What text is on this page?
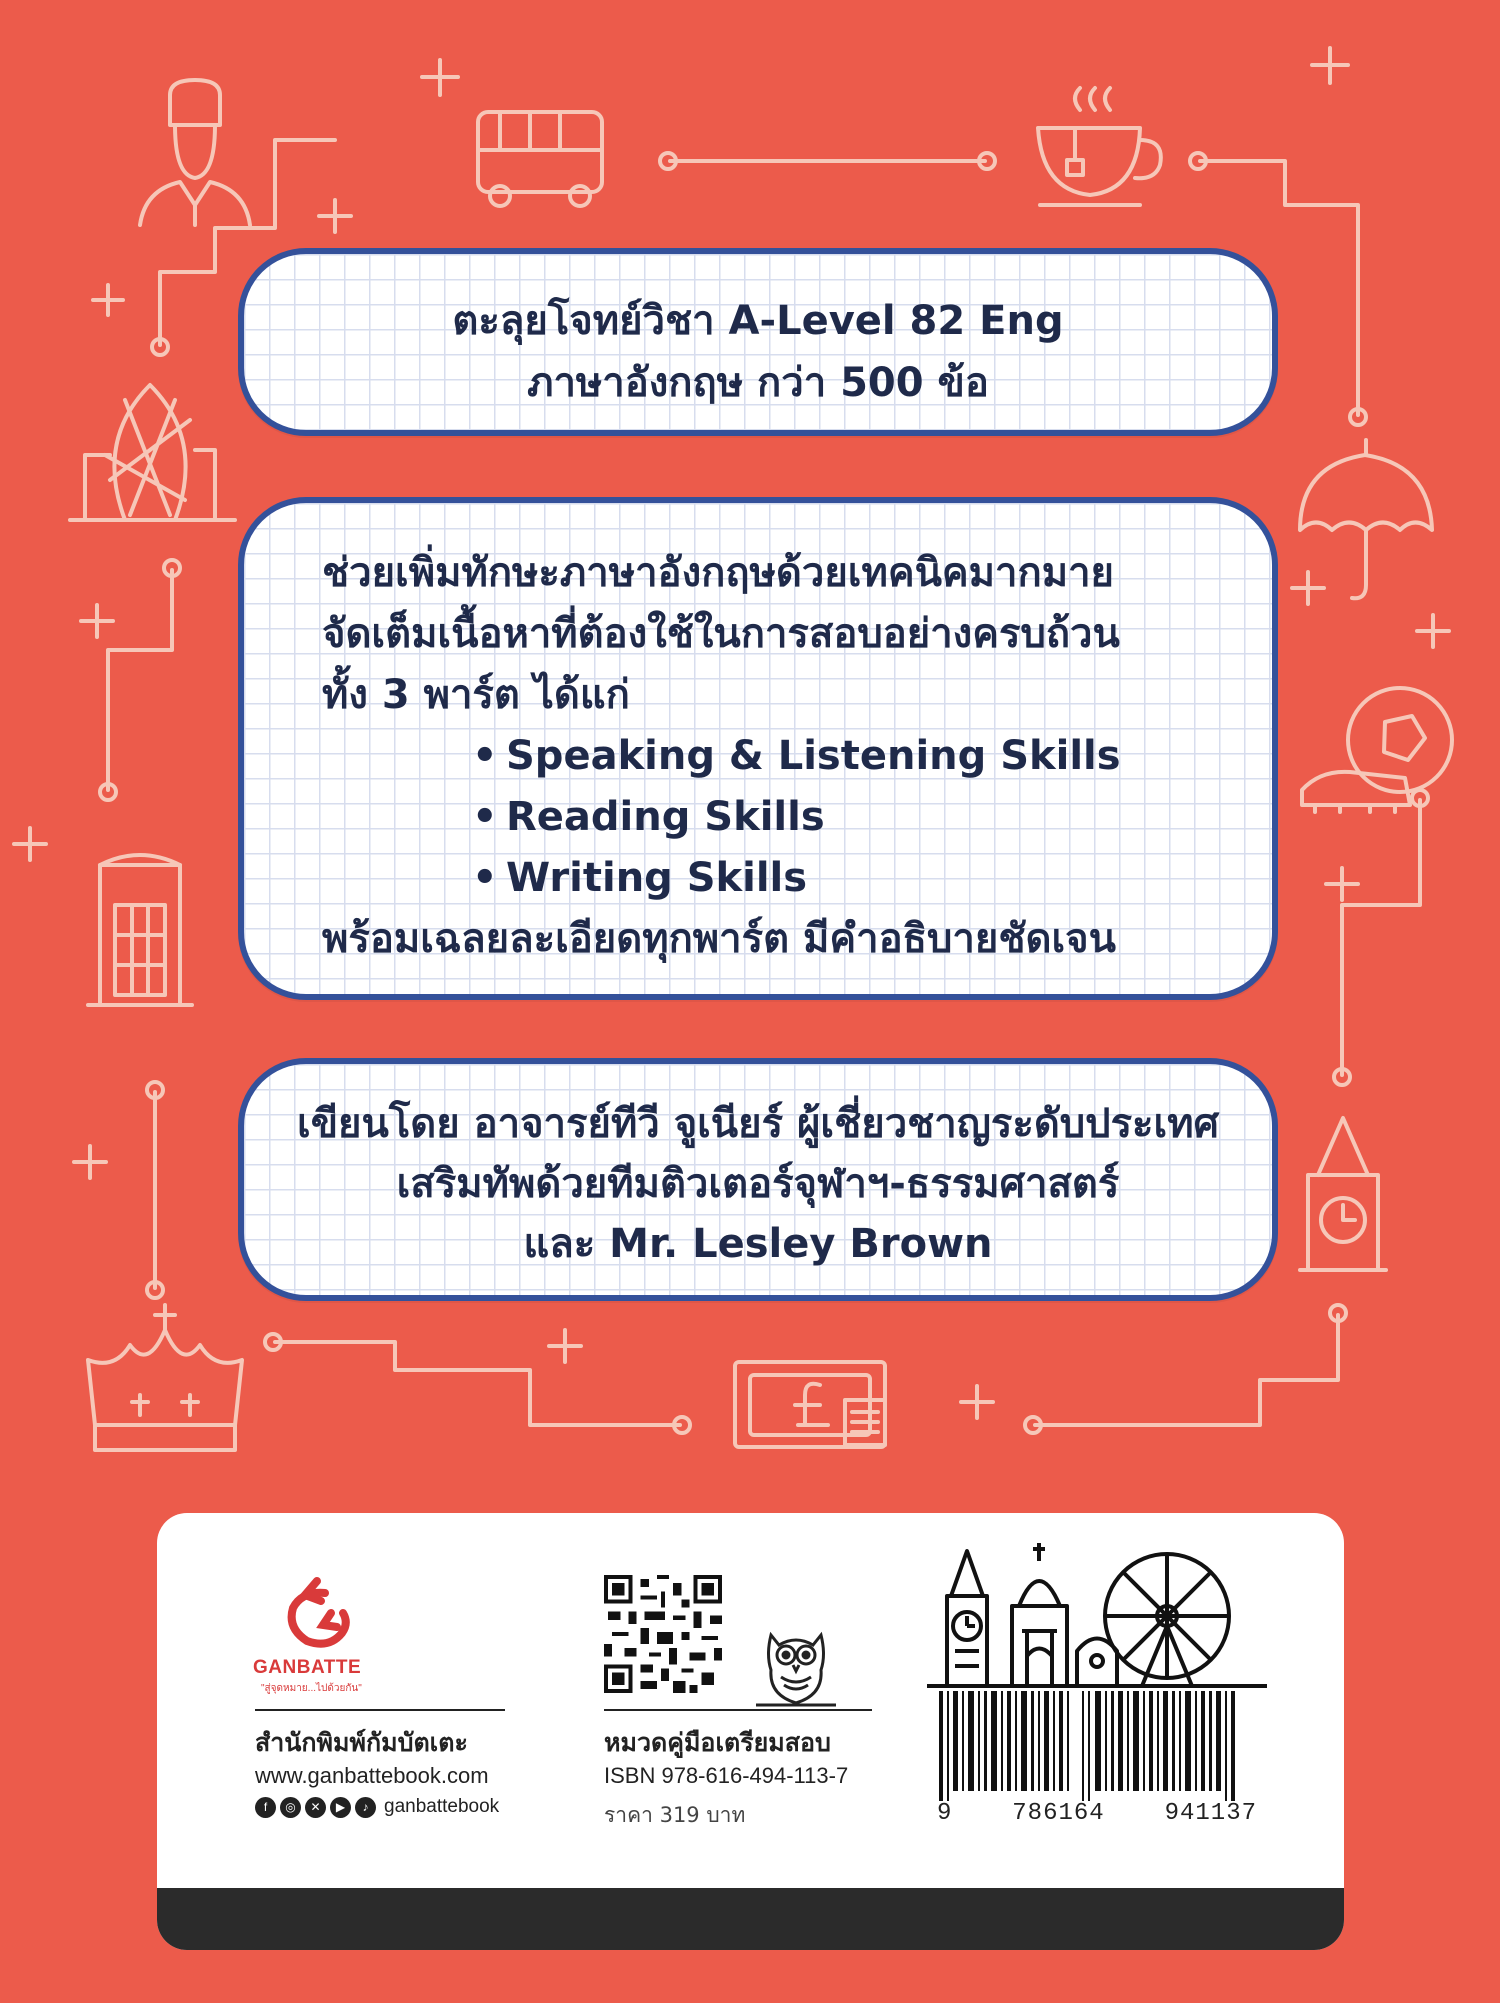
ตะลุยโจทย์วิชา A-Level 82 Eng
ภาษาอังกฤษ กว่า 500 ข้อ
ช่วยเพิ่มทักษะภาษาอังกฤษด้วยเทคนิคมากมาย
จัดเต็มเนื้อหาที่ต้องใช้ในการสอบอย่างครบถ้วน
ทั้ง 3 พาร์ต ได้แก่
• Speaking & Listening Skills
• Reading Skills
• Writing Skills
พร้อมเฉลยละเอียดทุกพาร์ต มีคำอธิบายชัดเจน
เขียนโดย อาจารย์ทีวี จูเนียร์ ผู้เชี่ยวชาญระดับประเทศ
เสริมทัพด้วยทีมติวเตอร์จุฬาฯ-ธรรมศาสตร์
และ Mr. Lesley Brown
GANBATTE
"สู่จุดหมาย...ไปด้วยกัน"
สำนักพิมพ์กัมบัตเตะ
www.ganbattebook.com
f	◎	✕	▶	♪ ganbattebook
หมวดคู่มือเตรียมสอบ
ISBN 978-616-494-113-7
ราคา 319 บาท	9 786164 941137
